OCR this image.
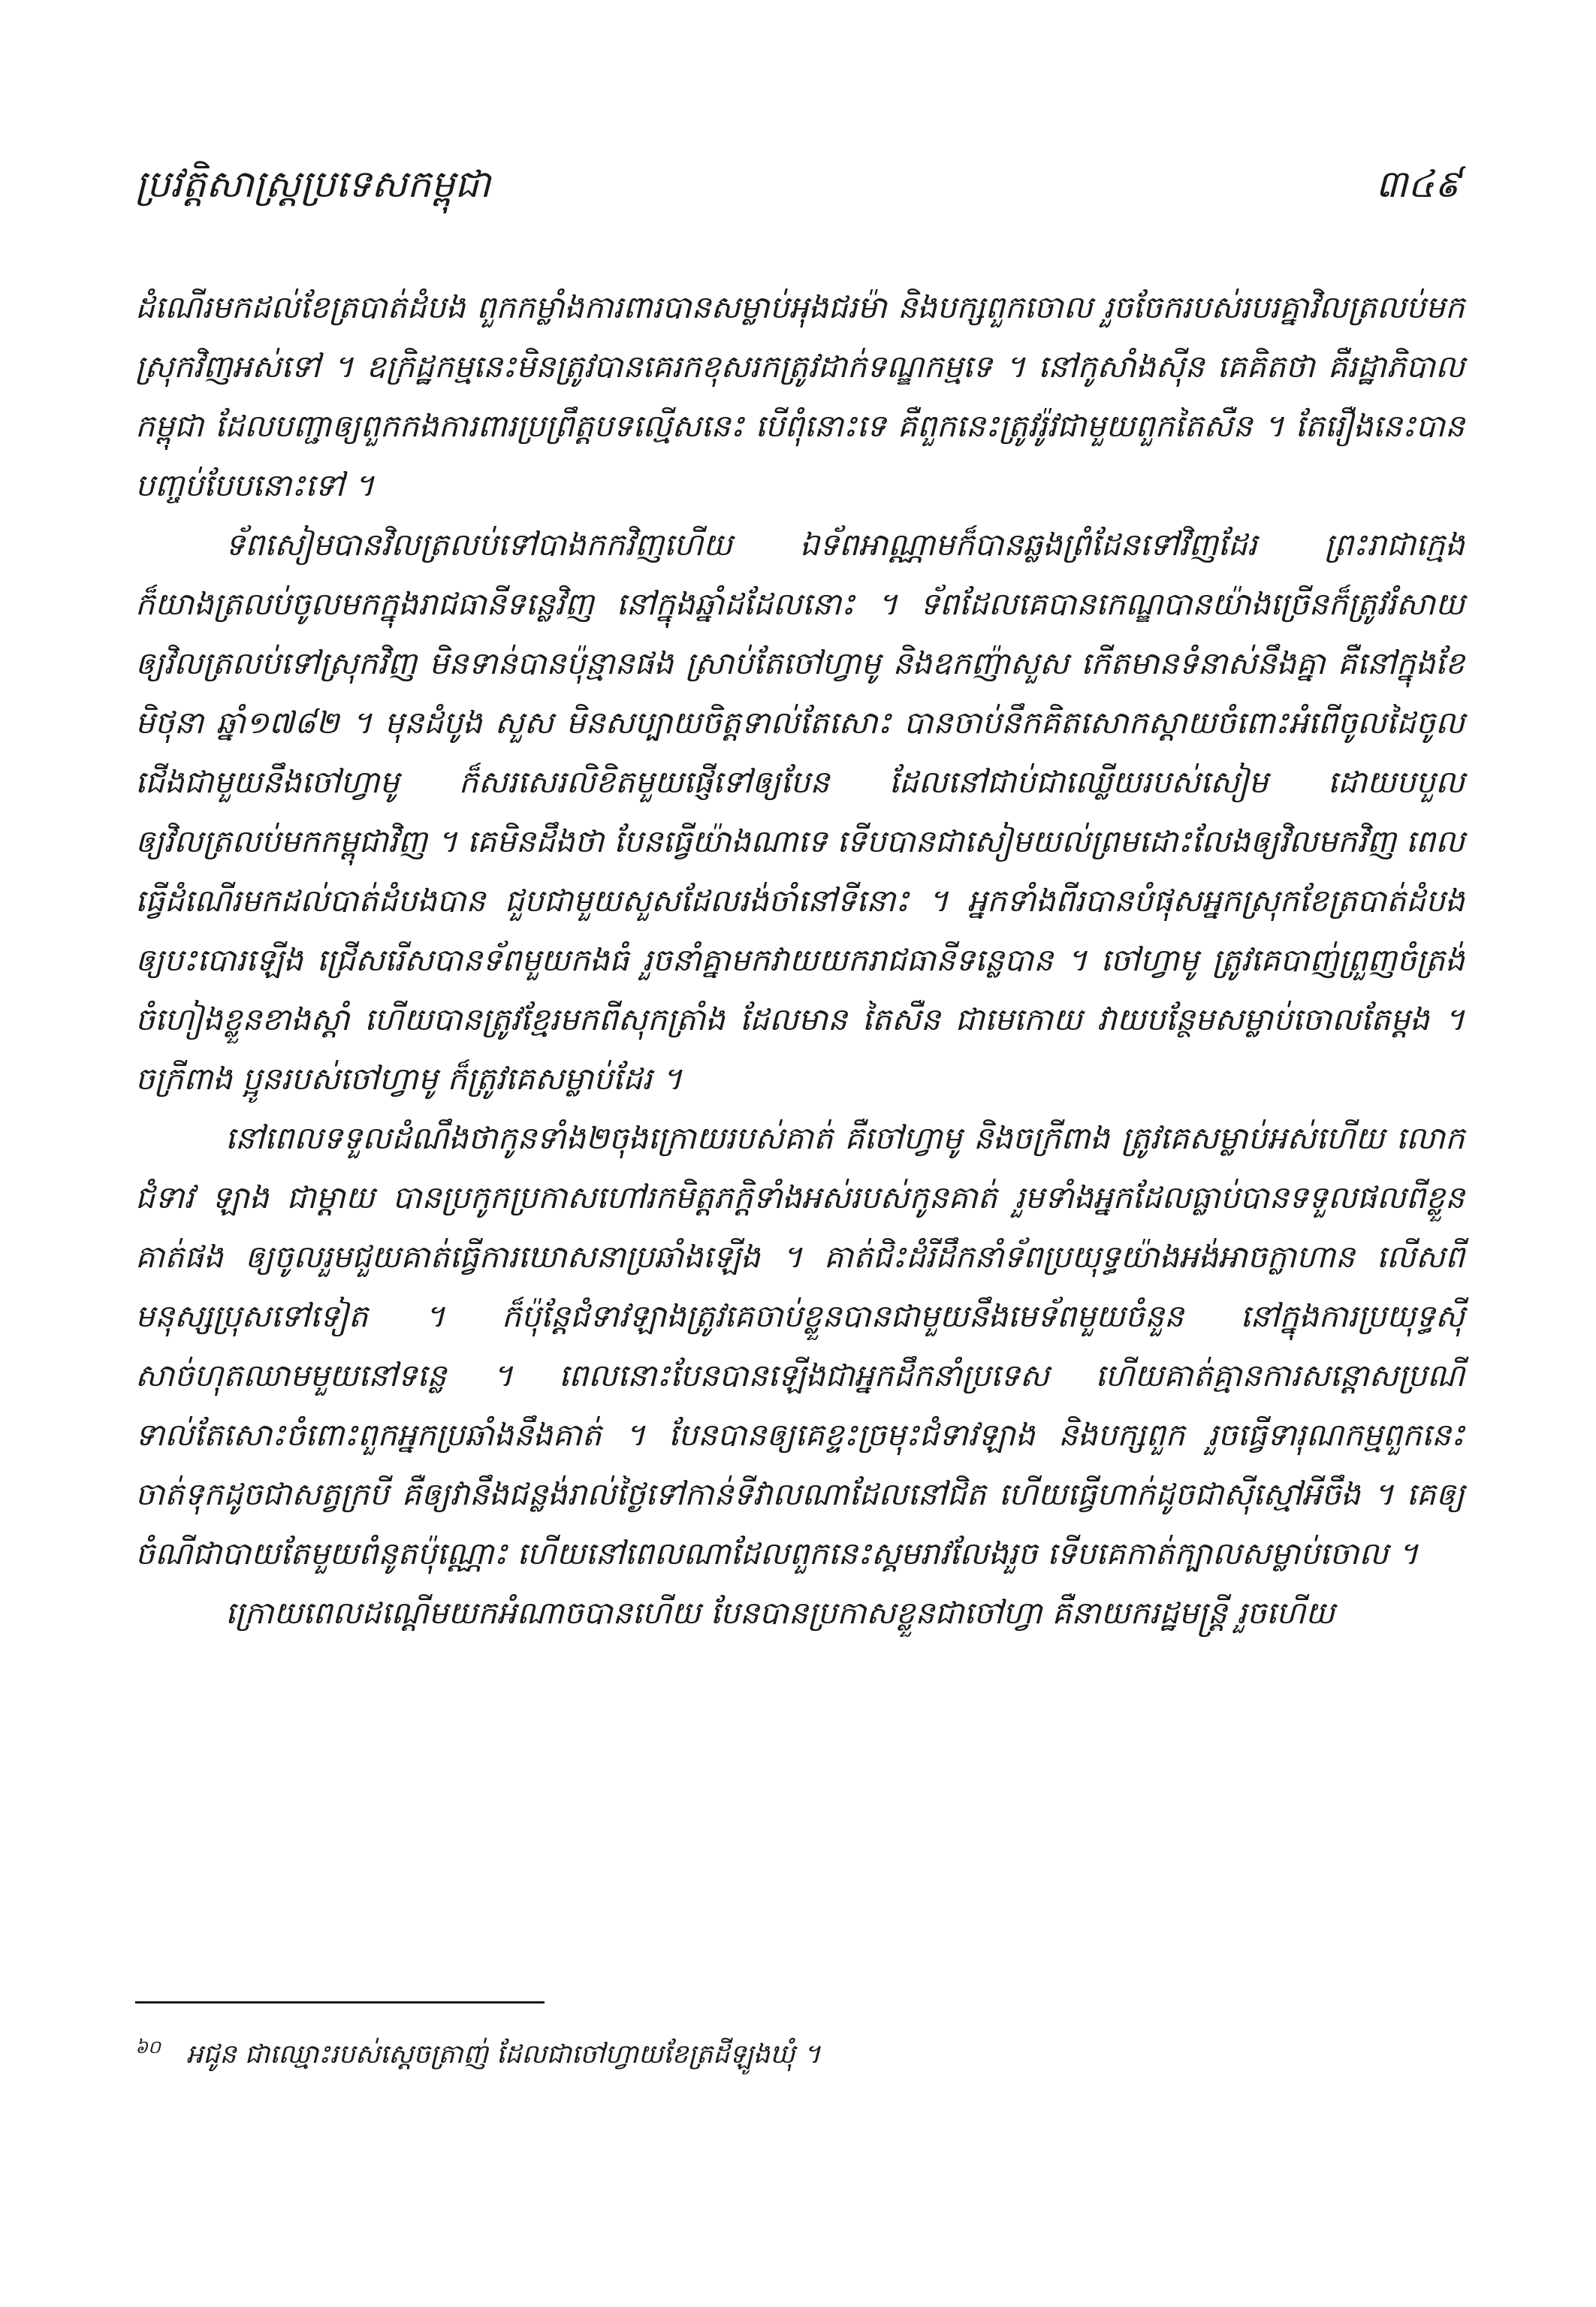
ប្រវត្តិសាស្ត្រប្រទេសកម្ពុជា	៣៤៩

ដំណើរមកដល់ខែត្របាត់ដំបង ពួកកម្លាំងការពារបានសម្លាប់អុងជរម៉ា និងបក្សពួកចោល រួចចែករបស់របរគ្នាវិលត្រលប់មកស្រុកវិញអស់ទៅ ។ ឧក្រិដ្ឋកម្មនេះមិនត្រូវបានគេរកខុសរកត្រូវដាក់ទណ្ឌកម្មទេ ។ នៅកូសាំងស៊ីន គេគិតថា គឺរដ្ឋាភិបាលកម្ពុជា ដែលបញ្ជាឲ្យពួកកងការពារប្រព្រឹត្តបទល្មើសនេះ បើពុំនោះទេ គឺពួកនេះត្រូវរ៉ូវជាមួយពួកតៃសឺន ។ តែរឿងនេះបានបញ្ចប់បែបនោះទៅ ។

ទ័ពសៀមបានវិលត្រលប់ទៅបាងកកវិញហើយ ឯទ័ពអាណ្ណាមក៏បានឆ្លងព្រំដែនទៅវិញដែរ ព្រះរាជាក្មេងក៏យាងត្រលប់ចូលមកក្នុងរាជធានីទន្លេវិញ នៅក្នុងឆ្នាំដដែលនោះ ។ ទ័ពដែលគេបានកេណ្ឌបានយ៉ាងច្រើនក៏ត្រូវរំសាយឲ្យវិលត្រលប់ទៅស្រុកវិញ មិនទាន់បានប៉ុន្មានផង ស្រាប់តែចៅហ្វាមូ និងឧកញ៉ាសួស កើតមានទំនាស់នឹងគ្នា គឺនៅក្នុងខែមិថុនា ឆ្នាំ១៧៨២ ។ មុនដំបូង សួស មិនសប្បាយចិត្តទាល់តែសោះ បានចាប់នឹកគិតសោកស្តាយចំពោះអំពើចូលដៃចូលជើងជាមួយនឹងចៅហ្វាមូ ក៏សរសេរលិខិតមួយផ្ញើទៅឲ្យបែន ដែលនៅជាប់ជាឈ្លើយរបស់សៀម ដោយបបួលឲ្យវិលត្រលប់មកកម្ពុជាវិញ ។ គេមិនដឹងថា បែនធ្វើយ៉ាងណាទេ ទើបបានជាសៀមយល់ព្រមដោះលែងឲ្យវិលមកវិញ ពេលធ្វើដំណើរមកដល់បាត់ដំបងបាន ជួបជាមួយសួសដែលរង់ចាំនៅទីនោះ ។ អ្នកទាំងពីរបានបំផុសអ្នកស្រុកខែត្របាត់ដំបងឲ្យបះបោរឡើង ជ្រើសរើសបានទ័ពមួយកងធំ រួចនាំគ្នាមកវាយយករាជធានីទន្លេបាន ។ ចៅហ្វាមូ ត្រូវគេបាញ់ព្រួញចំត្រង់ចំហៀងខ្លួនខាងស្តាំ ហើយបានត្រូវខ្មែរមកពីសុកត្រាំង ដែលមាន តៃសឺន ជាមេកោយ វាយបន្ថែមសម្លាប់ចោលតែម្តង ។ ចក្រីពាង ប្អូនរបស់ចៅហ្វាមូ ក៏ត្រូវគេសម្លាប់ដែរ ។

នៅពេលទទួលដំណឹងថាកូនទាំង២ចុងក្រោយរបស់គាត់ គឺចៅហ្វាមូ និងចក្រីពាង ត្រូវគេសម្លាប់អស់ហើយ លោកជំទាវ ឡាង ជាម្តាយ បានប្រកូកប្រកាសហៅរកមិត្តភក្តិទាំងអស់របស់កូនគាត់ រួមទាំងអ្នកដែលធ្លាប់បានទទួលផលពីខ្លួនគាត់ផង ឲ្យចូលរួមជួយគាត់ធ្វើការឃោសនាប្រឆាំងឡើង ។ គាត់ជិះដំរីដឹកនាំទ័ពប្រយុទ្ធយ៉ាងអង់អាចក្លាហាន លើសពីមនុស្សប្រុសទៅទៀត ។ ក៏ប៉ុន្តែជំទាវឡាងត្រូវគេចាប់ខ្លួនបានជាមួយនឹងមេទ័ពមួយចំនួន នៅក្នុងការប្រយុទ្ធស៊ីសាច់ហុតឈាមមួយនៅទន្លេ ។ ពេលនោះបែនបានឡើងជាអ្នកដឹកនាំប្រទេស ហើយគាត់គ្មានការសន្តោសប្រណីទាល់តែសោះចំពោះពួកអ្នកប្រឆាំងនឹងគាត់ ។ បែនបានឲ្យគេខ្ទះច្រមុះជំទាវឡាង និងបក្សពួក រួចធ្វើទារុណកម្មពួកនេះ ចាត់ទុកដូចជាសត្វក្របី គឺឲ្យវានឹងជន្លង់រាល់ថ្ងៃទៅកាន់ទីវាលណាដែលនៅជិត ហើយធ្វើហាក់ដូចជាស៊ីស្មៅអីចឹង ។ គេឲ្យចំណីជាបាយតែមួយពំនូតប៉ុណ្ណោះ ហើយនៅពេលណាដែលពួកនេះស្គមរាវលែងរួច ទើបគេកាត់ក្បាលសម្លាប់ចោល ។

ក្រោយពេលដណ្តើមយកអំណាចបានហើយ បែនបានប្រកាសខ្លួនជាចៅហ្វា គឺនាយករដ្ឋមន្ត្រី រួចហើយ

៦០ អជូន ជាឈ្មោះរបស់ស្តេចត្រាញ់ ដែលជាចៅហ្វាយខែត្រដីឡូងឃុំ ។
